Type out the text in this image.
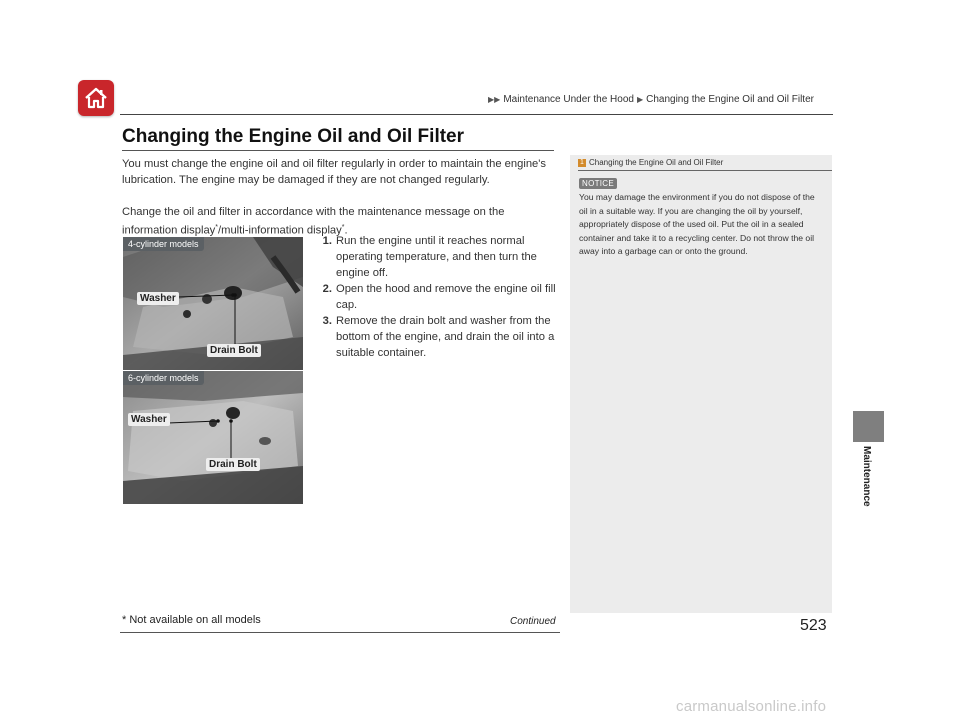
▶▶ Maintenance Under the Hood ▶ Changing the Engine Oil and Oil Filter
Changing the Engine Oil and Oil Filter

You must change the engine oil and oil filter regularly in order to maintain the engine's lubrication. The engine may be damaged if they are not changed regularly.

Change the oil and filter in accordance with the maintenance message on the information display*/multi-information display*.

4-cylinder models
Washer
Drain Bolt
6-cylinder models
Washer
Drain Bolt
1. Run the engine until it reaches normal operating temperature, and then turn the engine off.
2. Open the hood and remove the engine oil fill cap.
3. Remove the drain bolt and washer from the bottom of the engine, and drain the oil into a suitable container.
1 Changing the Engine Oil and Oil Filter
NOTICE

You may damage the environment if you do not dispose of the oil in a suitable way. If you are changing the oil by yourself, appropriately dispose of the used oil. Put the oil in a sealed container and take it to a recycling center. Do not throw the oil away into a garbage can or onto the ground.

Maintenance
Continued
* Not available on all models	523
carmanualsonline.info
